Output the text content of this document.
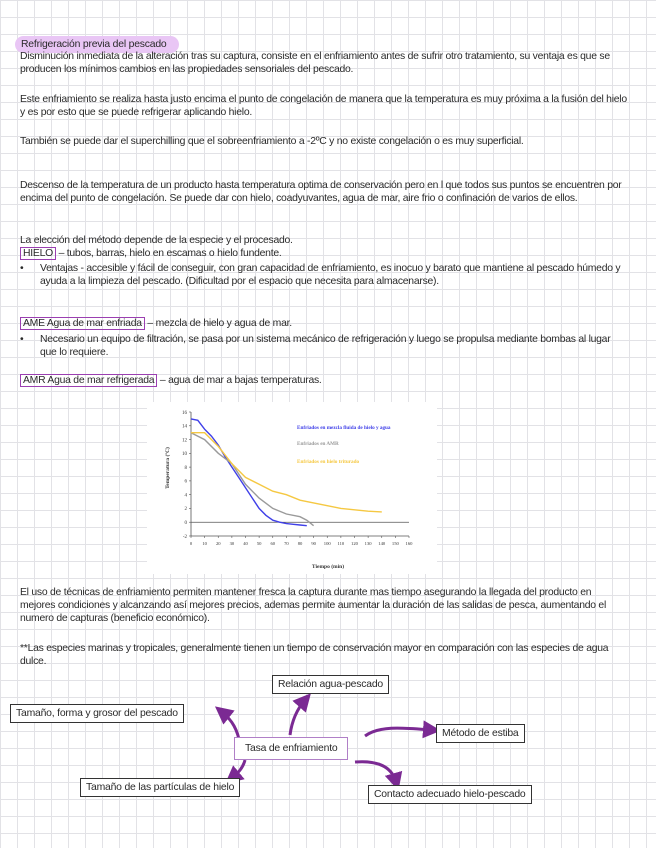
Refrigeración previa del pescado
Disminución inmediata de la alteración tras su captura, consiste en el enfriamiento antes de sufrir otro tratamiento, su ventaja es que se producen los mínimos cambios en las propiedades sensoriales del pescado.
Este enfriamiento se realiza hasta justo encima el punto de congelación de manera que la temperatura es muy próxima a la fusión del hielo y es por esto que se puede refrigerar aplicando hielo.
También se puede dar el superchilling que el sobreenfriamiento a -2ºC y no existe congelación o es muy superficial.
Descenso de la temperatura de un producto hasta temperatura optima de conservación pero en l que todos sus puntos se encuentren por encima del punto de congelación. Se puede dar con hielo, coadyuvantes, agua de mar, aire frio o confinación de varios de ellos.
La elección del método depende de la especie y el procesado.
HIELO – tubos, barras, hielo en escamas o hielo fundente.
• Ventajas - accesible y fácil de conseguir, con gran capacidad de enfriamiento, es inocuo y barato que mantiene al pescado húmedo y ayuda a la limpieza del pescado. (Dificultad por el espacio que necesita para almacenarse).
AME Agua de mar enfriada – mezcla de hielo y agua de mar.
• Necesario un equipo de filtración, se pasa por un sistema mecánico de refrigeración y luego se propulsa mediante bombas al lugar que lo requiere.
AMR Agua de mar refrigerada – agua de mar a bajas temperaturas.
-2
0
2
4
6
8
10
12
14
16
0 10 20 30 40 50 60 70 80 90 100 110 120 130 140 150 160
Enfriados en mezcla fluida de hielo y agua
Enfriados en AMR
Enfriados en hielo triturado
Tiempo (min)
Temperatura (ºC)
El uso de técnicas de enfriamiento permiten mantener fresca la captura durante mas tiempo asegurando la llegada del producto en mejores condiciones y alcanzando así mejores precios, ademas permite aumentar la duración de las salidas de pesca, aumentando el numero de capturas (beneficio económico).
**Las especies marinas y tropicales, generalmente tienen un tiempo de conservación mayor en comparación con las especies de agua dulce.
Relación agua-pescado
Tamaño, forma y grosor del pescado
Método de estiba
Tasa de enfriamiento
Tamaño de las partículas de hielo
Contacto adecuado hielo-pescado
